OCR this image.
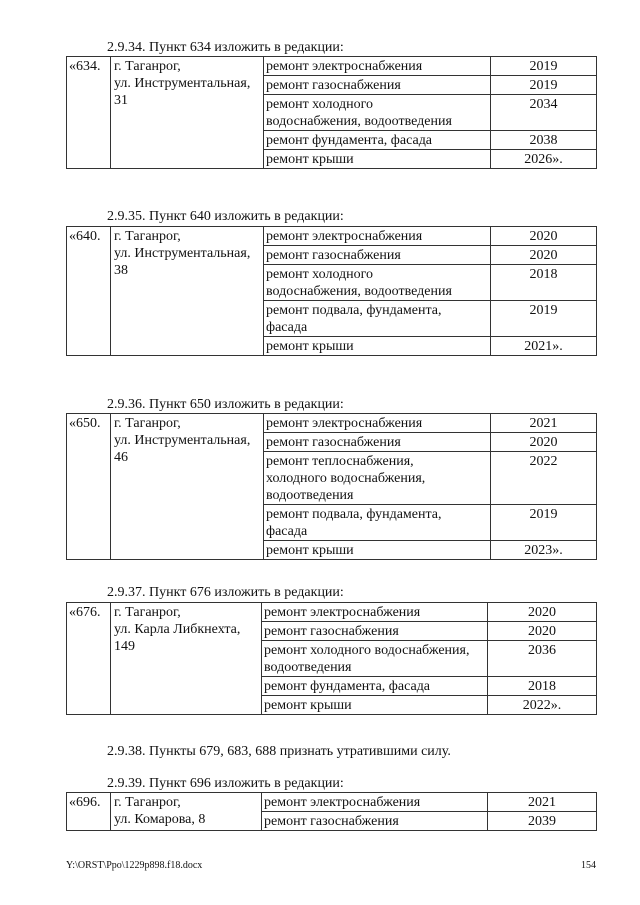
2.9.34. Пункт 634 изложить в редакции:
«634.	г. Таганрог,
ул. Инструментальная,
31	ремонт электроснабжения	2019
		ремонт газоснабжения	2019
		ремонт холодного
водоснабжения, водоотведения	2034
		ремонт фундамента, фасада	2038
		ремонт крыши	2026».
2.9.35. Пункт 640 изложить в редакции:
«640.	г. Таганрог,
ул. Инструментальная,
38	ремонт электроснабжения	2020
		ремонт газоснабжения	2020
		ремонт холодного
водоснабжения, водоотведения	2018
		ремонт подвала, фундамента,
фасада	2019
		ремонт крыши	2021».
2.9.36. Пункт 650 изложить в редакции:
«650.	г. Таганрог,
ул. Инструментальная,
46	ремонт электроснабжения	2021
		ремонт газоснабжения	2020
		ремонт теплоснабжения,
холодного водоснабжения,
водоотведения	2022
		ремонт подвала, фундамента,
фасада	2019
		ремонт крыши	2023».
2.9.37. Пункт 676 изложить в редакции:
«676.	г. Таганрог,
ул. Карла Либкнехта,
149	ремонт электроснабжения	2020
		ремонт газоснабжения	2020
		ремонт холодного водоснабжения,
водоотведения	2036
		ремонт фундамента, фасада	2018
		ремонт крыши	2022».
2.9.38. Пункты 679, 683, 688 признать утратившими силу.
2.9.39. Пункт 696 изложить в редакции:
«696.	г. Таганрог,
ул. Комарова, 8	ремонт электроснабжения	2021
		ремонт газоснабжения	2039
Y:\ORST\Ppo\1229p898.f18.docx	154
